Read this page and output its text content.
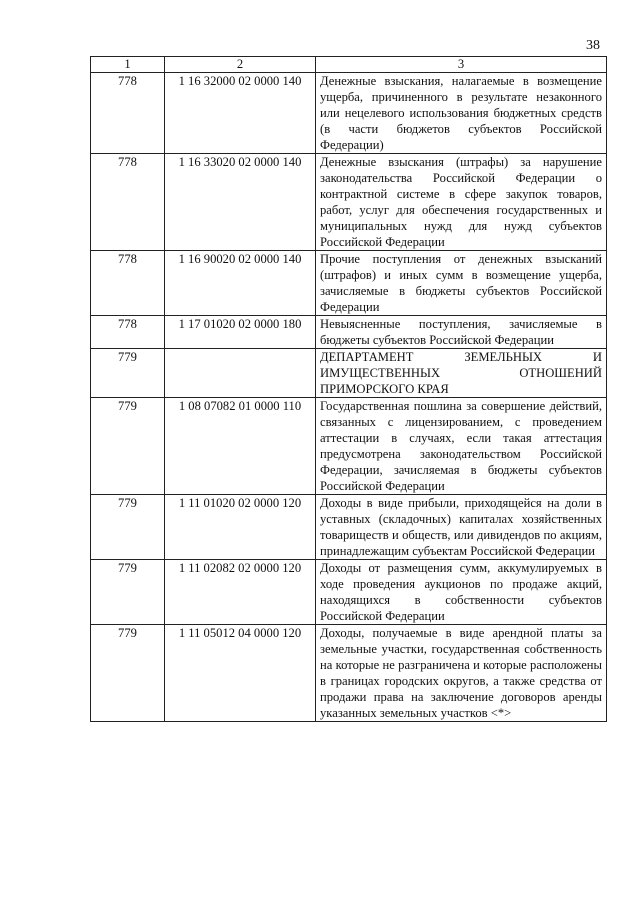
38
1	2	3
778	1 16 32000 02 0000 140	Денежные взыскания, налагаемые в возмещение ущерба, причиненного в результате незаконного или нецелевого использования бюджетных средств (в части бюджетов субъектов Российской Федерации)
778	1 16 33020 02 0000 140	Денежные взыскания (штрафы) за нарушение законодательства Российской Федерации о контрактной системе в сфере закупок товаров, работ, услуг для обеспечения государственных и муниципальных нужд для нужд субъектов Российской Федерации
778	1 16 90020 02 0000 140	Прочие поступления от денежных взысканий (штрафов) и иных сумм в возмещение ущерба, зачисляемые в бюджеты субъектов Российской Федерации
778	1 17 01020 02 0000 180	Невыясненные поступления, зачисляемые в бюджеты субъектов Российской Федерации
779		ДЕПАРТАМЕНТ ЗЕМЕЛЬНЫХ И ИМУЩЕСТВЕННЫХ ОТНОШЕНИЙ ПРИМОРСКОГО КРАЯ
779	1 08 07082 01 0000 110	Государственная пошлина за совершение действий, связанных с лицензированием, с проведением аттестации в случаях, если такая аттестация предусмотрена законодательством Российской Федерации, зачисляемая в бюджеты субъектов Российской Федерации
779	1 11 01020 02 0000 120	Доходы в виде прибыли, приходящейся на доли в уставных (складочных) капиталах хозяйственных товариществ и обществ, или дивидендов по акциям, принадлежащим субъектам Российской Федерации
779	1 11 02082 02 0000 120	Доходы от размещения сумм, аккумулируемых в ходе проведения аукционов по продаже акций, находящихся в собственности субъектов Российской Федерации
779	1 11 05012 04 0000 120	Доходы, получаемые в виде арендной платы за земельные участки, государственная собственность на которые не разграничена и которые расположены в границах городских округов, а также средства от продажи права на заключение договоров аренды указанных земельных участков <*>
